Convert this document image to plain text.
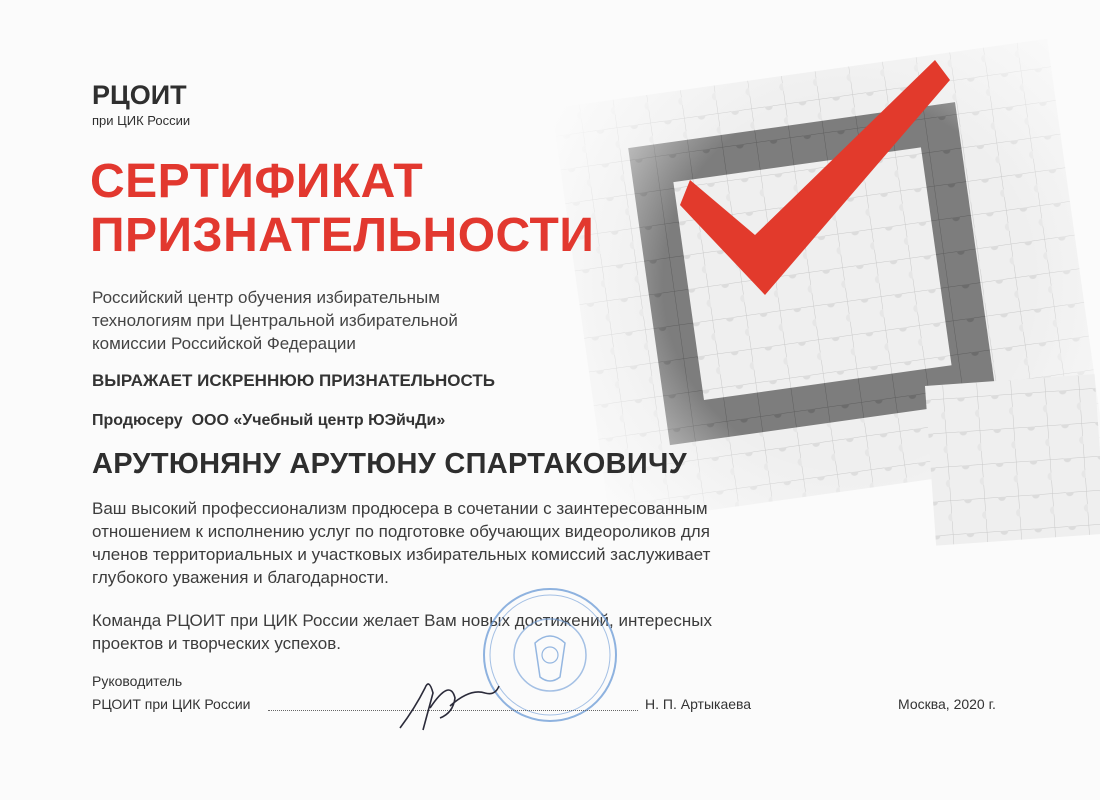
РЦОИТ
при ЦИК России
СЕРТИФИКАТ
ПРИЗНАТЕЛЬНОСТИ
Российский центр обучения избирательным
технологиям при Центральной избирательной
комиссии Российской Федерации
ВЫРАЖАЕТ ИСКРЕННЮЮ ПРИЗНАТЕЛЬНОСТЬ
Продюсеру  ООО «Учебный центр ЮЭйчДи»
АРУТЮНЯНУ АРУТЮНУ СПАРТАКОВИЧУ
Ваш высокий профессионализм продюсера в сочетании с заинтересованным
отношением к исполнению услуг по подготовке обучающих видеороликов для
членов территориальных и участковых избирательных комиссий заслуживает
глубокого уважения и благодарности.
Команда РЦОИТ при ЦИК России желает Вам новых достижений, интересных
проектов и творческих успехов.
Руководитель
РЦОИТ при ЦИК России	Н. П. Артыкаева	Москва, 2020 г.
